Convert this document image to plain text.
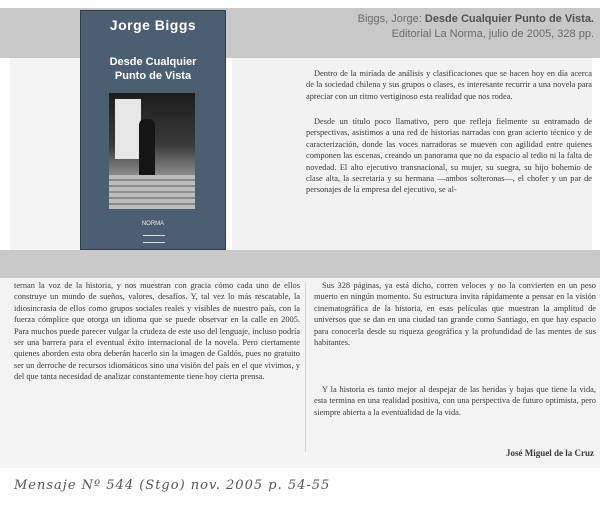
Jorge Biggs
Desde Cualquier
Punto de Vista
NORMA
Biggs, Jorge: Desde Cualquier Punto de Vista. Editorial La Norma, julio de 2005, 328 pp.

Dentro de la miríada de análisis y clasificaciones que se hacen hoy en día acerca de la sociedad chilena y sus grupos o clases, es interesante recurrir a una novela para apreciar con un ritmo vertiginoso esta realidad que nos rodea.

Desde un título poco llamativo, pero que refleja fielmente su entramado de perspectivas, asistimos a una red de historias narradas con gran acierto técnico y de caracterización, donde las voces narradoras se mueven con agilidad entre quienes componen las escenas, creando un panorama que no da espacio al tedio ni la falta de novedad. El alto ejecutivo transnacional, su mujer, su suegra, su hijo bohemio de clase alta, la secretaria y su hermana —ambos solteronas—, el chofer y un par de personajes de la empresa del ejecutivo, se al-

ternan la voz de la historia, y nos muestran con gracia cómo cada uno de ellos construye un mundo de sueños, valores, desafíos. Y, tal vez lo más rescatable, la idiosincrasia de ellos como grupos sociales reales y visibles de nuestro país, con la fuerza cómplice que otorga un idioma que se puede observar en la calle en 2005. Para muchos puede parecer vulgar la crudeza de este uso del lenguaje, incluso podría ser una barrera para el eventual éxito internacional de la novela. Pero ciertamente quienes aborden esta obra deberán hacerlo sin la imagen de Galdós, pues no gratuito ser un derroche de recursos idiomáticos sino una visión del país en el que vivimos, y del que tanta necesidad de analizar constantemente tiene hoy cierta prensa.

Sus 328 páginas, ya está dicho, corren veloces y no la convierten en un peso muerto en ningún momento. Su estructura invita rápidamente a pensar en la visión cinematográfica de la historia, en esas películas que muestran la amplitud de universos que se dan en una ciudad tan grande como Santiago, en que hay espacio para conocerla desde su riqueza geográfica y la profundidad de las mentes de sus habitantes.

Y la historia es tanto mejor al despejar de las heridas y bajas que tiene la vida, esta termina en una realidad positiva, con una perspectiva de futuro optimista, pero siempre abierta a la eventualidad de la vida.

José Miguel de la Cruz
Mensaje Nº 544 (Stgo) nov. 2005 p. 54-55
